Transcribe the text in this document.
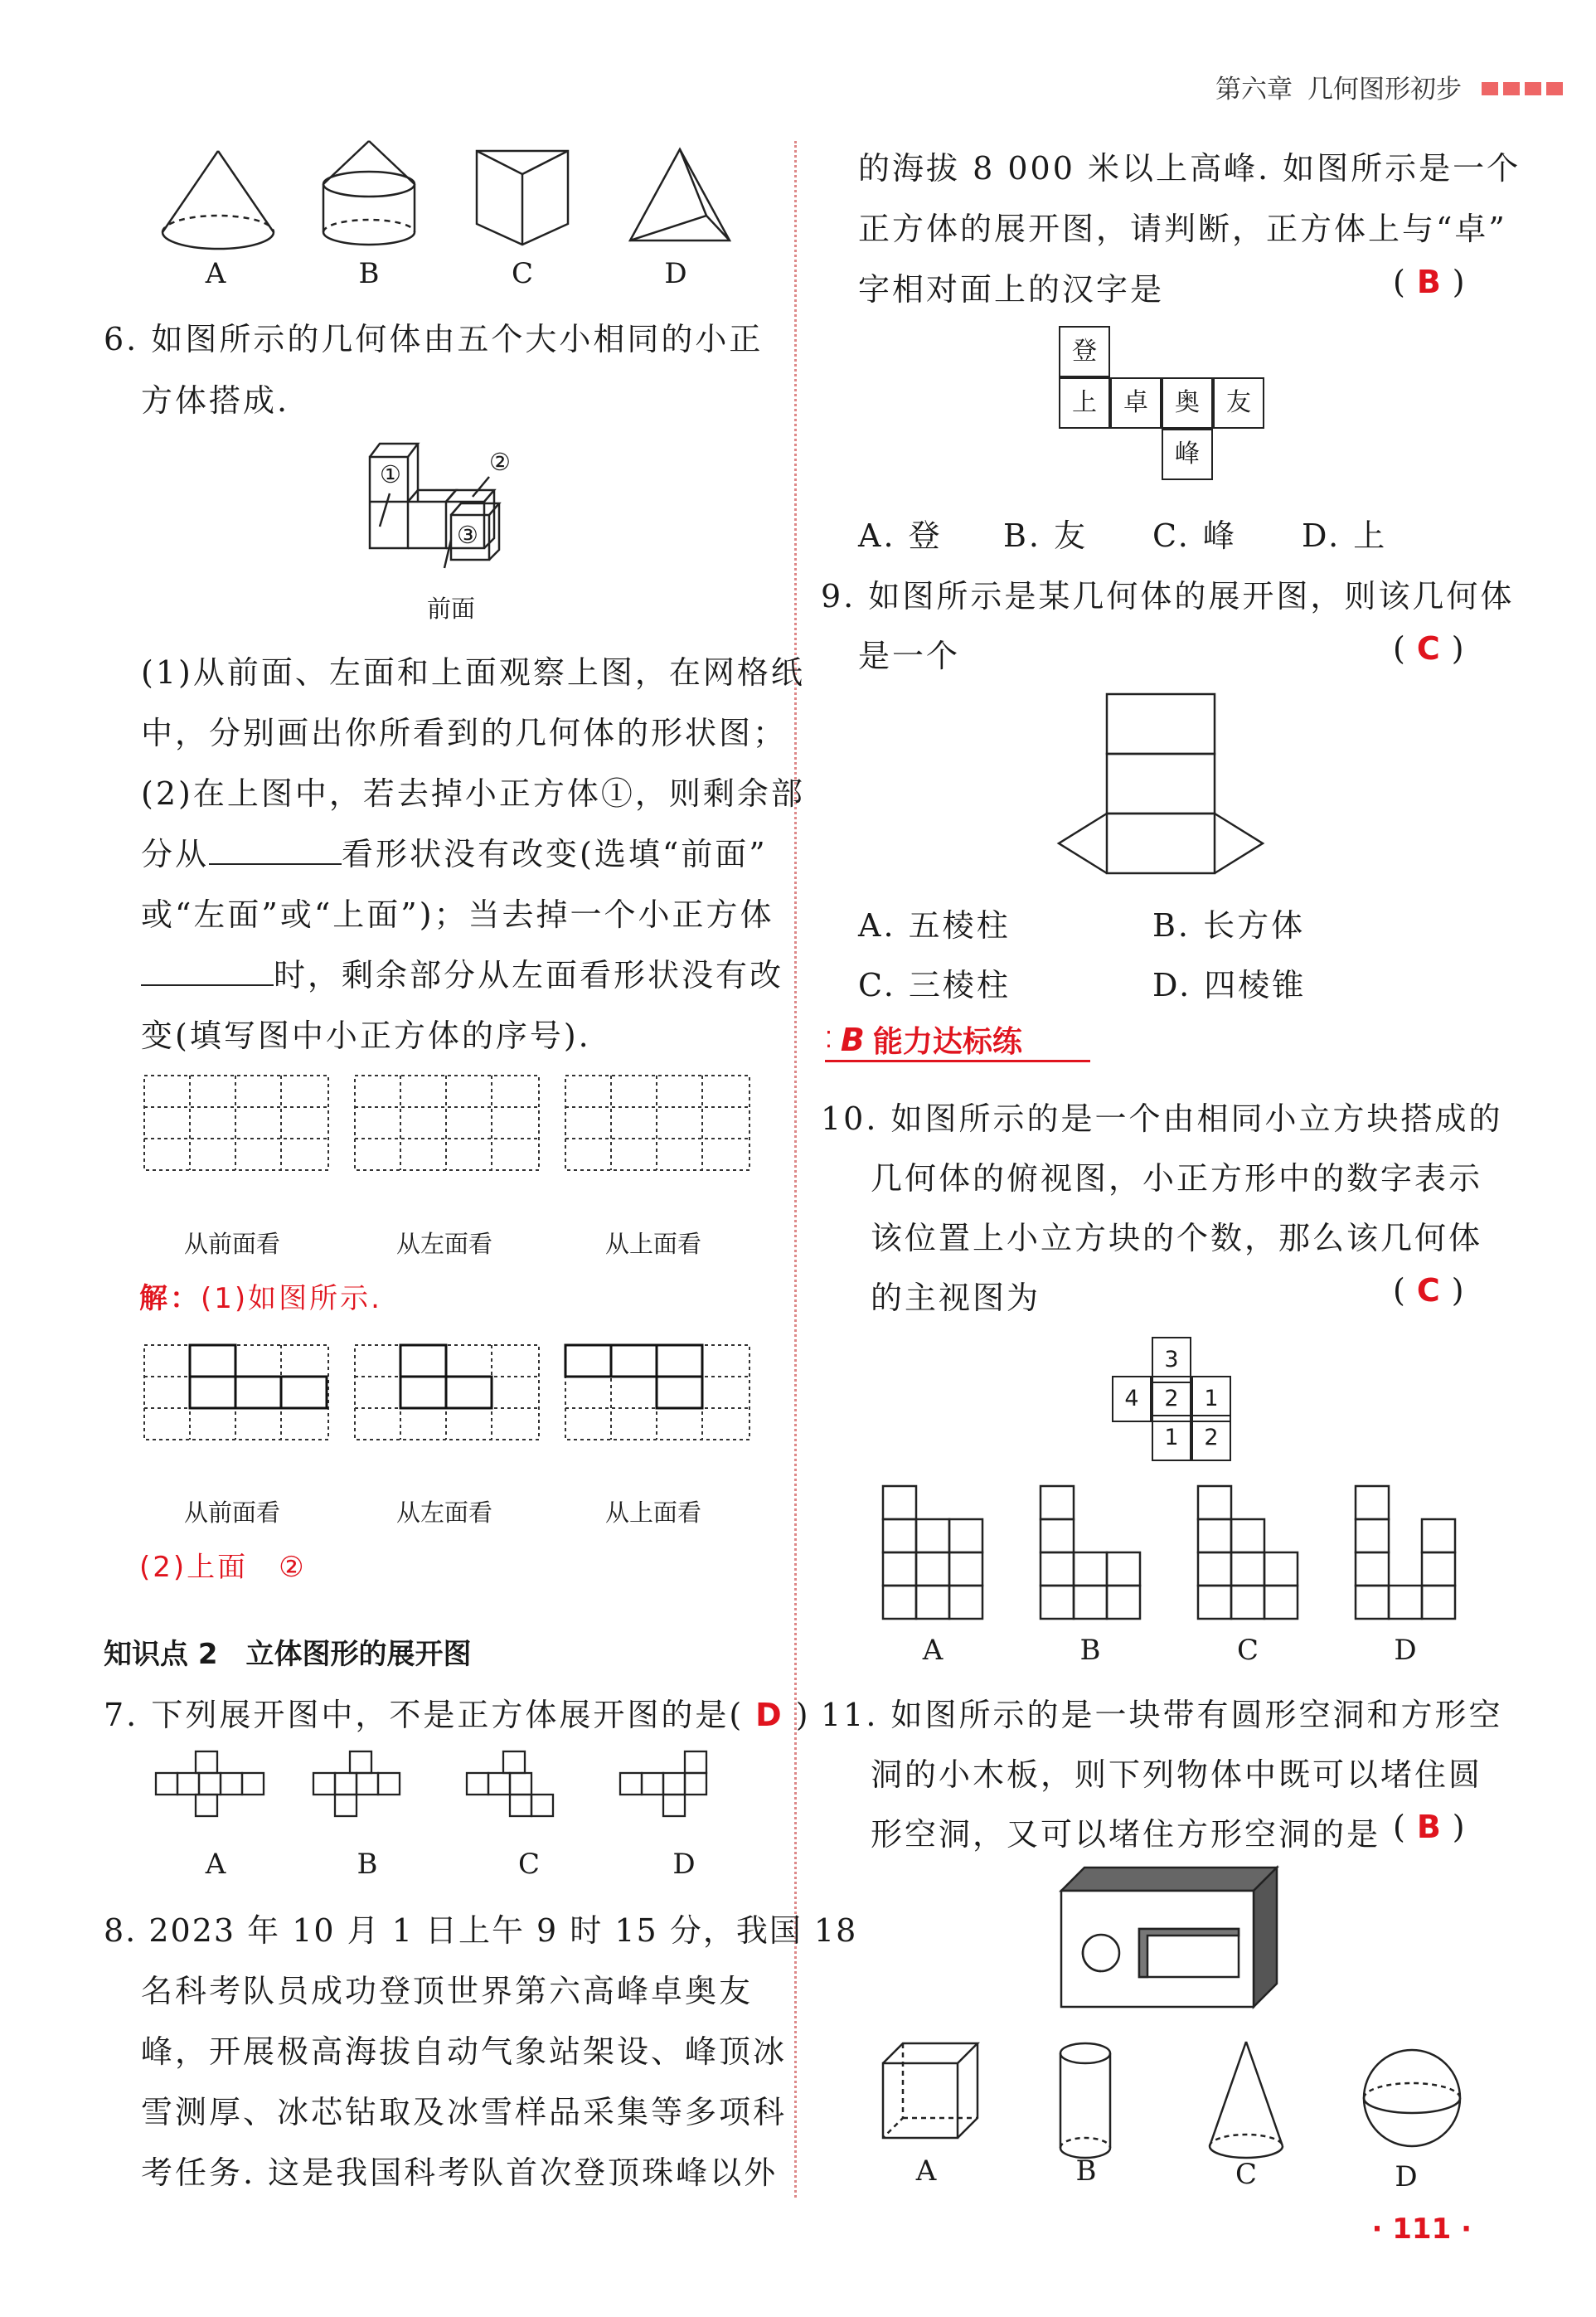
第六章 几何图形初步
A	B	C	D
6. 如图所示的几何体由五个大小相同的小正
方体搭成.
①	②
③
前面
(1)从前面、左面和上面观察上图，在网格纸
中，分别画出你所看到的几何体的形状图；
(2)在上图中，若去掉小正方体①，则剩余部
分从	看形状没有改变(选填“前面”
或“左面”或“上面”)；当去掉一个小正方体
时，剩余部分从左面看形状没有改
变(填写图中小正方体的序号).
从前面看	从左面看	从上面看
解：(1)如图所示.
从前面看	从左面看	从上面看
(2)上面　②
知识点 2　 立体图形的展开图
7. 下列展开图中，不是正方体展开图的是( D )
A	B	C	D
8. 2023 年 10 月 1 日上午 9 时 15 分，我国 18
名科考队员成功登顶世界第六高峰卓奥友
峰，开展极高海拔自动气象站架设、峰顶冰
雪测厚、冰芯钻取及冰雪样品采集等多项科
考任务. 这是我国科考队首次登顶珠峰以外
的海拔 8 000 米以上高峰. 如图所示是一个
正方体的展开图，请判断，正方体上与“卓”
字相对面上的汉字是	( B )
登
上	卓	奥	友
峰
A. 登 B. 友 C. 峰 D. 上
9. 如图所示是某几何体的展开图，则该几何体
是一个	( C )
A. 五棱柱	B. 长方体
C. 三棱柱	D. 四棱锥
⁚ B 能力达标练
10. 如图所示的是一个由相同小立方块搭成的
几何体的俯视图，小正方形中的数字表示
该位置上小立方块的个数，那么该几何体
的主视图为	( C )
3
4	2	1
1	2
A	B	C	D
11. 如图所示的是一块带有圆形空洞和方形空
洞的小木板，则下列物体中既可以堵住圆
形空洞，又可以堵住方形空洞的是 ( B )
A	B	C	D
· 111 ·
